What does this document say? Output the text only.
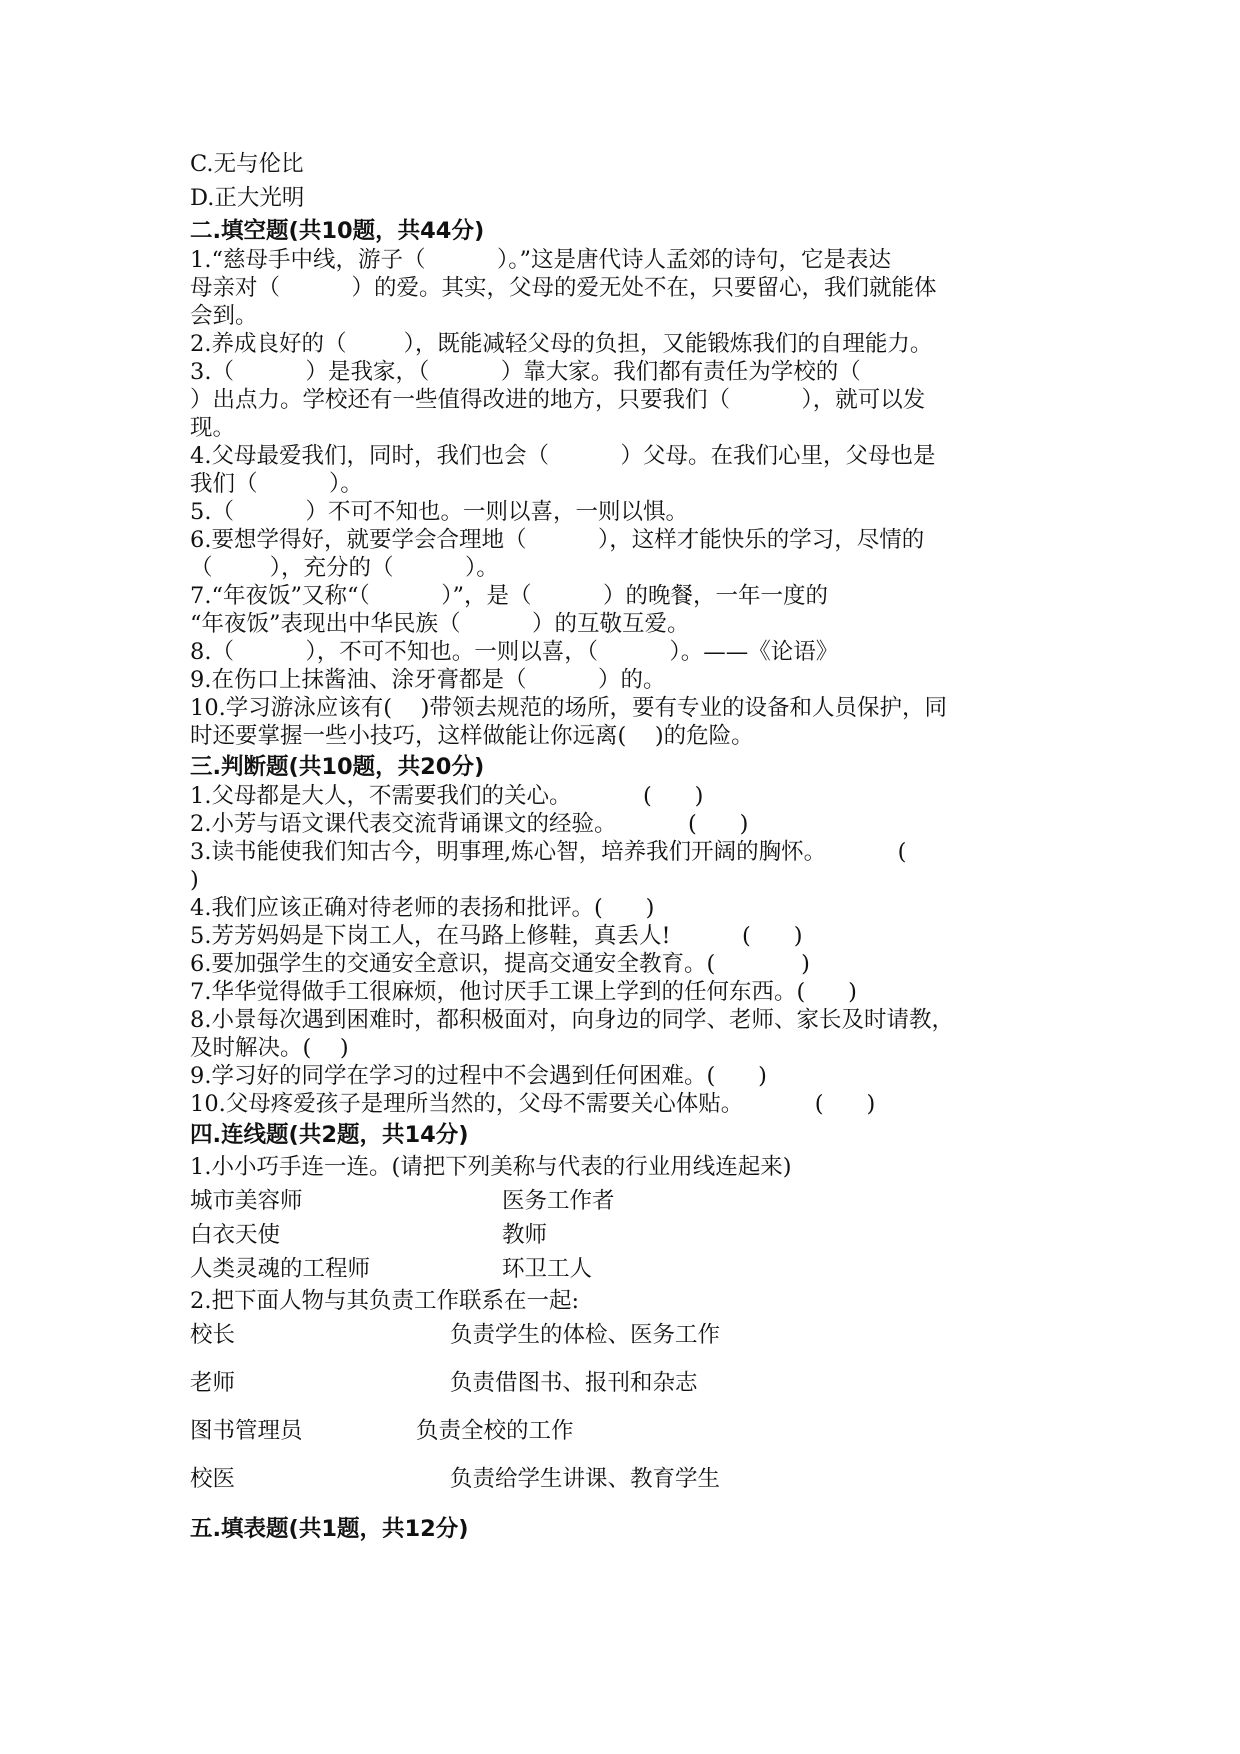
C.无与伦比

D.正大光明

二.填空题(共10题，共44分)

1.“慈母手中线，游子（          ）。”这是唐代诗人孟郊的诗句，它是表达

母亲对（          ）的爱。其实，父母的爱无处不在，只要留心，我们就能体

会到。

2.养成良好的（        ），既能减轻父母的负担，又能锻炼我们的自理能力。

3.（          ）是我家，（          ）靠大家。我们都有责任为学校的（

）出点力。学校还有一些值得改进的地方，只要我们（          ），就可以发

现。

4.父母最爱我们，同时，我们也会（          ）父母。在我们心里，父母也是

我们（          ）。

5.（          ）不可不知也。一则以喜，一则以惧。

6.要想学得好，就要学会合理地（          ），这样才能快乐的学习，尽情的

（        ），充分的（          ）。

7.“年夜饭”又称“（          ）”，是（          ）的晚餐，一年一度的

“年夜饭”表现出中华民族（          ）的互敬互爱。

8.（          ），不可不知也。一则以喜，（          ）。——《论语》

9.在伤口上抹酱油、涂牙膏都是（          ）的。

10.学习游泳应该有(    )带领去规范的场所，要有专业的设备和人员保护，同

时还要掌握一些小技巧，这样做能让你远离(    )的危险。

三.判断题(共10题，共20分)

1.父母都是大人，不需要我们的关心。          (      )

2.小芳与语文课代表交流背诵课文的经验。          (      )

3.读书能使我们知古今，明事理,炼心智，培养我们开阔的胸怀。          (

)

4.我们应该正确对待老师的表扬和批评。(      )

5.芳芳妈妈是下岗工人，在马路上修鞋，真丢人!          (      )

6.要加强学生的交通安全意识，提高交通安全教育。(            )

7.华华觉得做手工很麻烦，他讨厌手工课上学到的任何东西。(      )

8.小景每次遇到困难时，都积极面对，向身边的同学、老师、家长及时请教，

及时解决。(    )

9.学习好的同学在学习的过程中不会遇到任何困难。(      )

10.父母疼爱孩子是理所当然的，父母不需要关心体贴。          (      )

四.连线题(共2题，共14分)

1.小小巧手连一连。(请把下列美称与代表的行业用线连起来)

城市美容师	医务工作者
白衣天使	教师
人类灵魂的工程师	环卫工人

2.把下面人物与其负责工作联系在一起:

校长	负责学生的体检、医务工作
老师	负责借图书、报刊和杂志
图书管理员	负责全校的工作
校医	负责给学生讲课、教育学生
五.填表题(共1题，共12分)
